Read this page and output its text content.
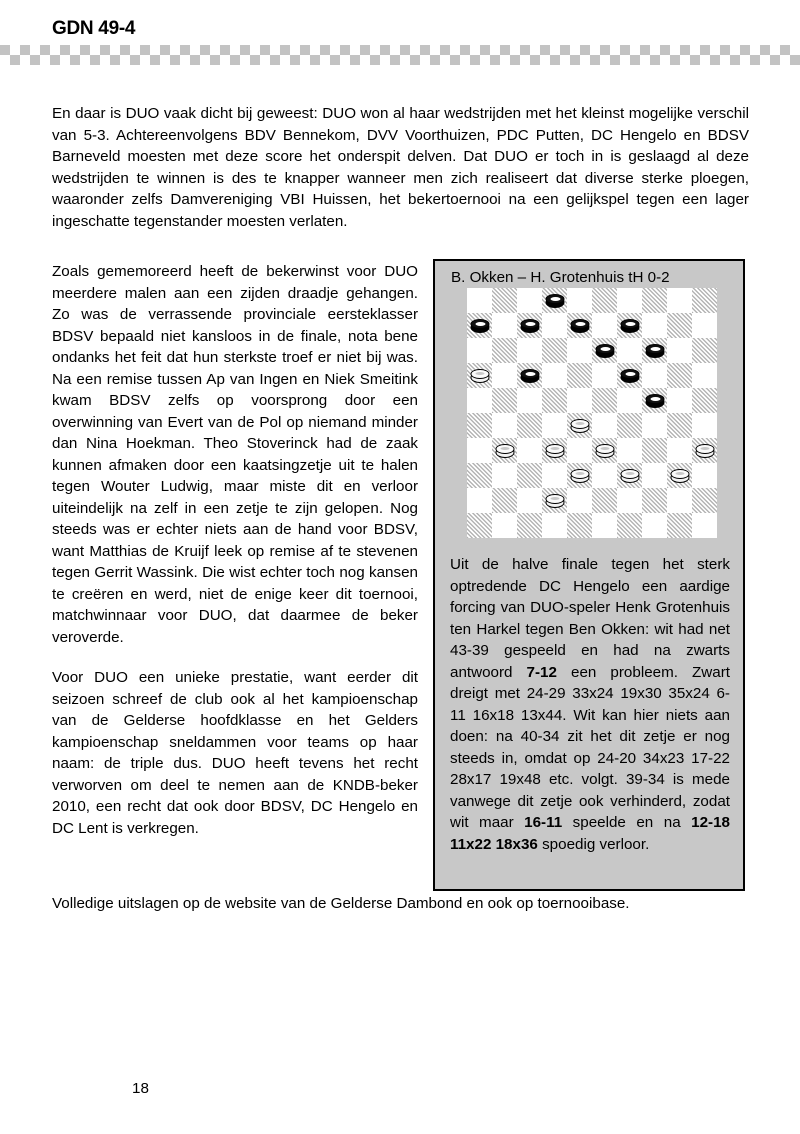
GDN 49-4
En daar is DUO vaak dicht bij geweest: DUO won al haar wedstrijden met het kleinst mogelijke verschil van 5-3. Achtereenvolgens BDV Bennekom, DVV Voorthuizen, PDC Putten, DC Hengelo en BDSV Barneveld moesten met deze score het onderspit delven. Dat DUO er toch in is geslaagd al deze wedstrijden te winnen is des te knapper wanneer men zich realiseert dat diverse sterke ploegen, waaronder zelfs Damvereniging VBI Huissen, het bekertoernooi na een gelijkspel tegen een lager ingeschatte tegenstander moesten verlaten.

Zoals gememoreerd heeft de bekerwinst voor DUO meerdere malen aan een zijden draadje gehangen. Zo was de verrassende provinciale eersteklasser BDSV bepaald niet kansloos in de finale, nota bene ondanks het feit dat hun sterkste troef er niet bij was. Na een remise tussen Ap van Ingen en Niek Smeitink kwam BDSV zelfs op voorsprong door een overwinning van Evert van de Pol op niemand minder dan Nina Hoekman. Theo Stoverinck had de zaak kunnen afmaken door een kaatsingzetje uit te halen tegen Wouter Ludwig, maar miste dit en verloor uiteindelijk na zelf in een zetje te zijn gelopen. Nog steeds was er echter niets aan de hand voor BDSV, want Matthias de Kruijf leek op remise af te stevenen tegen Gerrit Wassink. Die wist echter toch nog kansen te creëren en werd, niet de enige keer dit toernooi, matchwinnaar voor DUO, dat daarmee de beker veroverde.

Voor DUO een unieke prestatie, want eerder dit seizoen schreef de club ook al het kampioenschap van de Gelderse hoofdklasse en het Gelders kampioenschap sneldammen voor teams op haar naam: de triple dus. DUO heeft tevens het recht verworven om deel te nemen aan de KNDB-beker 2010, een recht dat ook door BDSV, DC Hengelo en DC Lent is verkregen.

B. Okken – H. Grotenhuis tH 0-2
Uit de halve finale tegen het sterk optredende DC Hengelo een aardige forcing van DUO-speler Henk Grotenhuis ten Harkel tegen Ben Okken: wit had net 43-39 gespeeld en had na zwarts antwoord 7-12 een probleem. Zwart dreigt met 24-29 33x24 19x30 35x24 6-11 16x18 13x44. Wit kan hier niets aan doen: na 40-34 zit het dit zetje er nog steeds in, omdat op 24-20 34x23 17-22 28x17 19x48 etc. volgt. 39-34 is mede vanwege dit zetje ook verhinderd, zodat wit maar 16-11 speelde en na 12-18 11x22 18x36 spoedig verloor.
Volledige uitslagen op de website van de Gelderse Dambond en ook op toernooibase.
18
